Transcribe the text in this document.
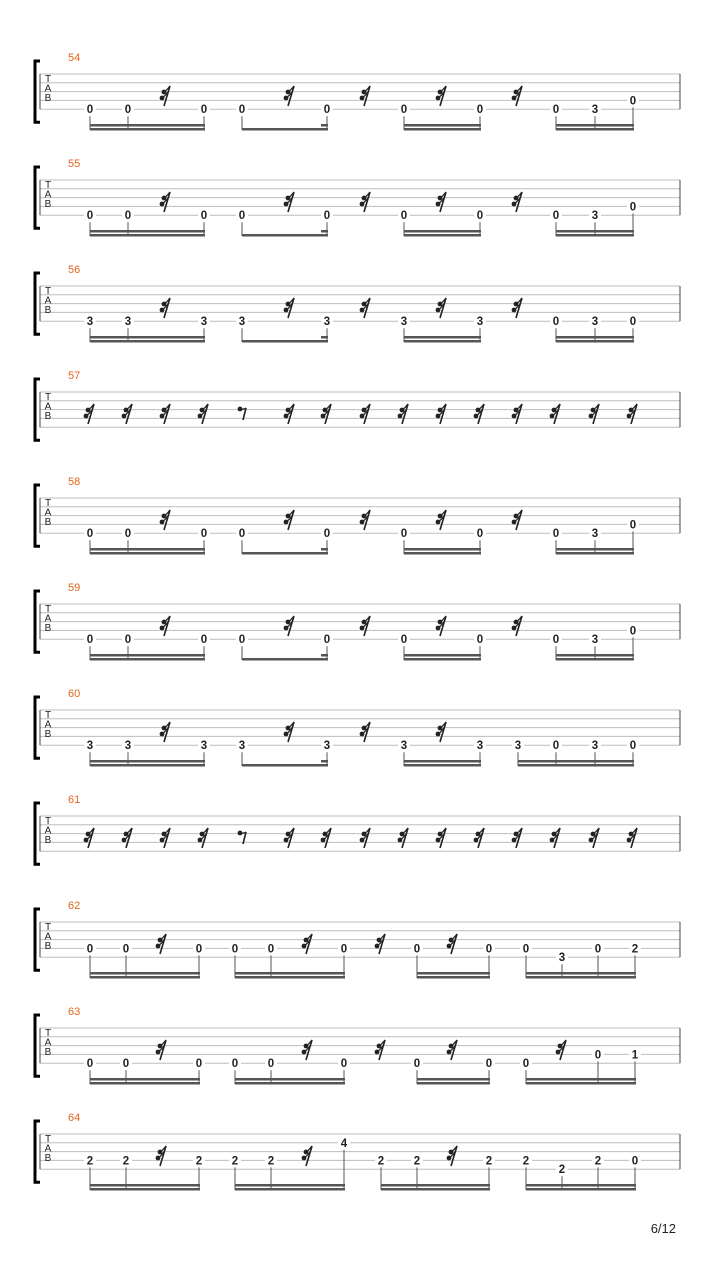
T
A
B
54
0	0	0	0	0	0	0	0	3
0
T
A
B
55
0	0	0	0	0	0	0	0	3
0
T
A
B
56
3	3	3	3	3	3	3	0	3	0
T
A
B
57
T
A
B
58
0	0	0	0	0	0	0	0	3
0
T
A
B
59
0	0	0	0	0	0	0	0	3
0
T
A
B
60
3	3	3	3	3	3	3	3	0	3	0
T
A
B
61
T
A
B
62
0	0	0	0	0	0	0	0	0
3
0	2
T
A
B
63
0	0	0	0	0	0	0	0	0
0	1
T
A
B
64
2	2	2	2	2
4
2	2	2	2
2
2	0
6/12
